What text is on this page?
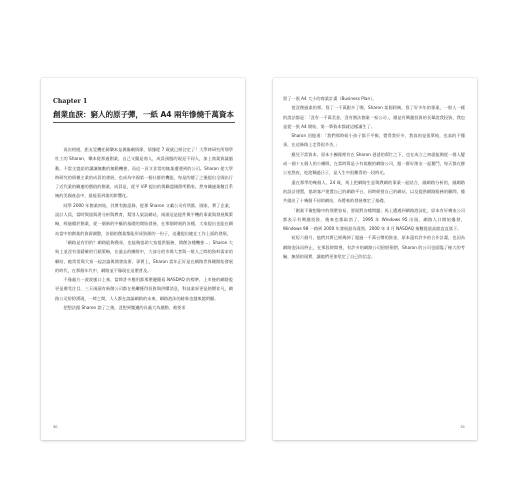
Chapter 1
創業血淚：窮人的原子彈，一紙 A4 兩年慘燒千萬資本

再次相遇，距友晃機任歸樂本是偶像劇情節，情緣從 7 歲就已經注定了！大學時研究所那學杜工的 Sharon，樂本從那過創業，自己又擬是商人，成員預態的現見不同人，加上商業資議風動，不當全盛給的講識無數的無動機會，而這一頁又非常的無業遭遇到的公司。Sharon 從大學時研究的情模主業的成員的發展，也成為中國第一個社群的機能，每是的總了之後提出全國出行了近代業的關連的價值的創業，成員是，從平 ViP 提出的與聯盟國際所動家，然身關連業數目系統的美國產品中，最能看到業的影響化。

同學 2000 年創業初始，其實有點語錄，從那 Sharon 又載公司有所都，國家，實了企業，設計人員，當時與協與著分析與教育，幫別人架設網站，兩項這是提件與平機的事業與發展與策略，經過總於創業，從一個新的中樞的基礎的開始發展，在那個時刻的各種，大家提出也能在網站當中的創業的資源調整，各個的創業都能形成資源的一份子，這邊提出她在工作上面的發展。

「網路是有用的？網路能夠搜尋，也能夠協助大家提供服務、開創各種機會...」Sharon 大致上並沒有很精確的行銷策略，在過去的團隊中，大部分的市場大者與一般人之間的資料需求的聯結，她常常與大家一起討論與開發技術。事實上，Sharon 當年正好是在網路世界剛開始發展的時代，在那個年代中，網路並不像現在這麼普及。

不僅處方一波波風口上來，當時許多應用都那麼邊陲看 NASDAQ 的標準，上市後的網路股更是備受注目，三天兩頭有新創公司都在相繼獲得投資與併購消息，科技業界更是熱鬧非凡，網路公司紛紛湧現，一時之間，人人都在談論網路的未來，網路泡沫的跡象也越來越明顯。

把想法跟 Sharon 說了之後，沒想到雙邊的長處大為激動，被要求

30

寫了一張 A4 大小的商業計畫（Business Plan）。

從沒創過業的那，寫了一千萬跟多了哪，Sharon 某個阿姨，寫了好多年的專業，一般人一樣的說法都是：「沒有一千萬美金，沒有辦法創業一家公司」，總是有興趣投資的長輩說我投資，我也是從一張 A4 開始，第一筆資本都就這樣滿生了。

Sharon 回憶道：「我們那時候小孩子都不平衡，覺得我好多，我真的是很單純，也真的不懂事，在這條路上走得很辛苦。」

應兒不當資本，原本小團隊裡有在 Sharon 爸爸的幫忙之下，也在成立之初就能夠從一群人變成一個十五個人的小團隊，在當時算是小有規模的網路公司，跟一群好朋友一起奮鬥，每天都在辦公室熬夜，吃泡麵過日子，是人生中很難得的一段時光。

還在那學的幾個人，24 歲，馬上把網路生意與教網的事業一起結合，做網路分析的，做網路的設計建置，協助客戶建置自己的網路平台，同時經營自己的網站，以及提供網路服務的顧問，總共做出了十幾個不同的網站，為將來的發展奠定了基礎。

「創業不像想像中的那麼容易，要面對各種問題」馬上遭遇到網路泡沫化，原本有好幾家公司都表示有興趣投資，後來也都取消了，1995 年 Windows 95 出現，網路人口開始爆發，Windows 98 一路到 2000 年發展最為蓬勃，2000 年 4 月 NASDAQ 指數從最高點直直落下。

短短六個月，他們其實已經燒掉了超過一千萬台幣的資金，原本還有許多的合作計畫，也因為網路泡沫而終止，在那段時間裡，有許多的網路公司紛紛倒閉，Sharon 的公司也面臨了極大的考驗，無情的現實，讓她們更加堅定了自己的信念。

31
